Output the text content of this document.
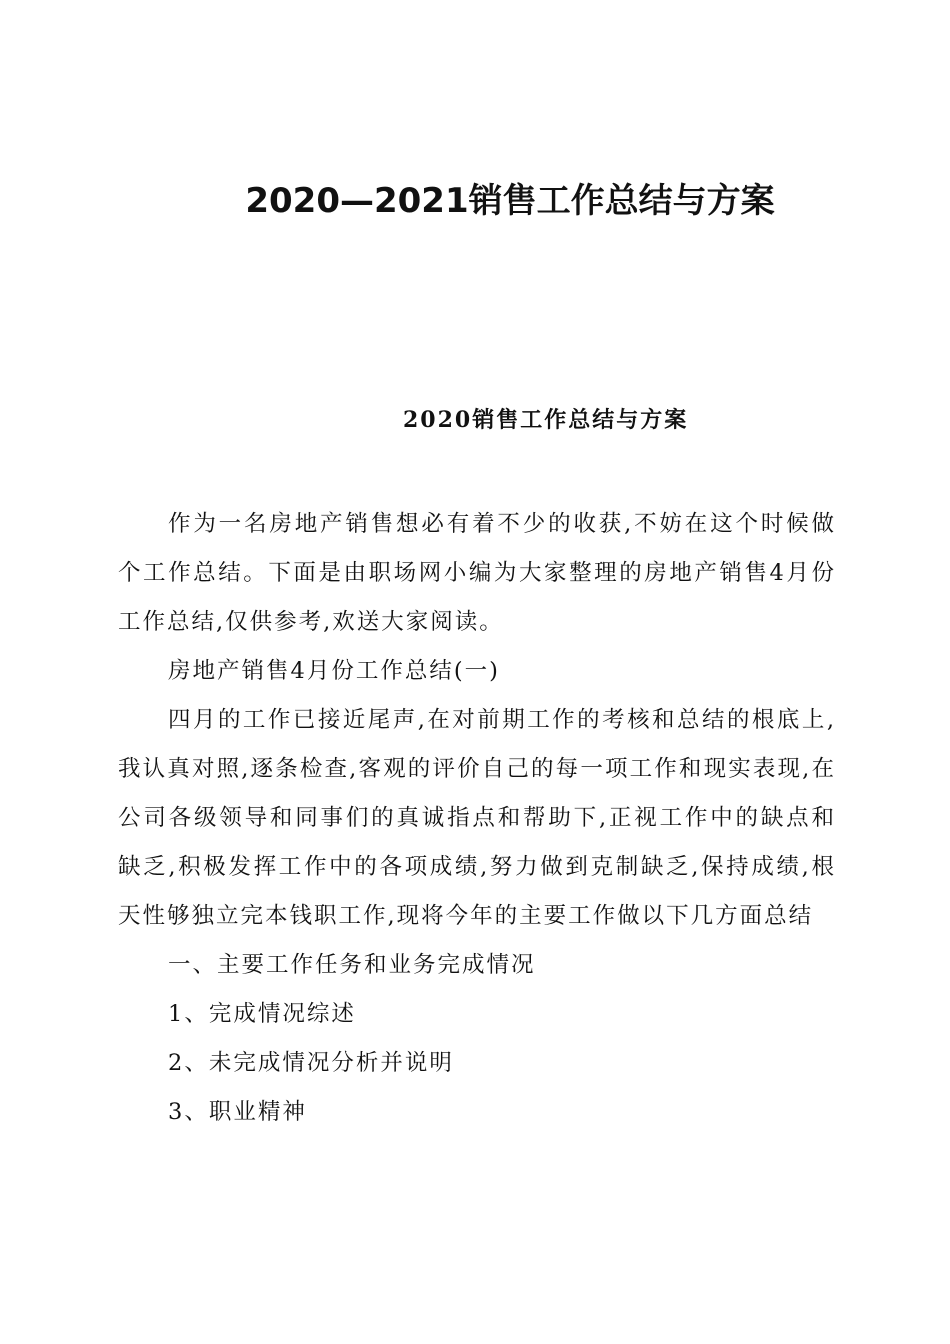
2020—2021销售工作总结与方案
2020销售工作总结与方案

作为一名房地产销售想必有着不少的收获,不妨在这个时候做个工作总结。下面是由职场网小编为大家整理的房地产销售4月份工作总结,仅供参考,欢送大家阅读。

房地产销售4月份工作总结(一)

四月的工作已接近尾声,在对前期工作的考核和总结的根底上,我认真对照,逐条检查,客观的评价自己的每一项工作和现实表现,在公司各级领导和同事们的真诚指点和帮助下,正视工作中的缺点和缺乏,积极发挥工作中的各项成绩,努力做到克制缺乏,保持成绩,根天性够独立完本钱职工作,现将今年的主要工作做以下几方面总结

一、主要工作任务和业务完成情况

1、完成情况综述

2、未完成情况分析并说明

3、职业精神
